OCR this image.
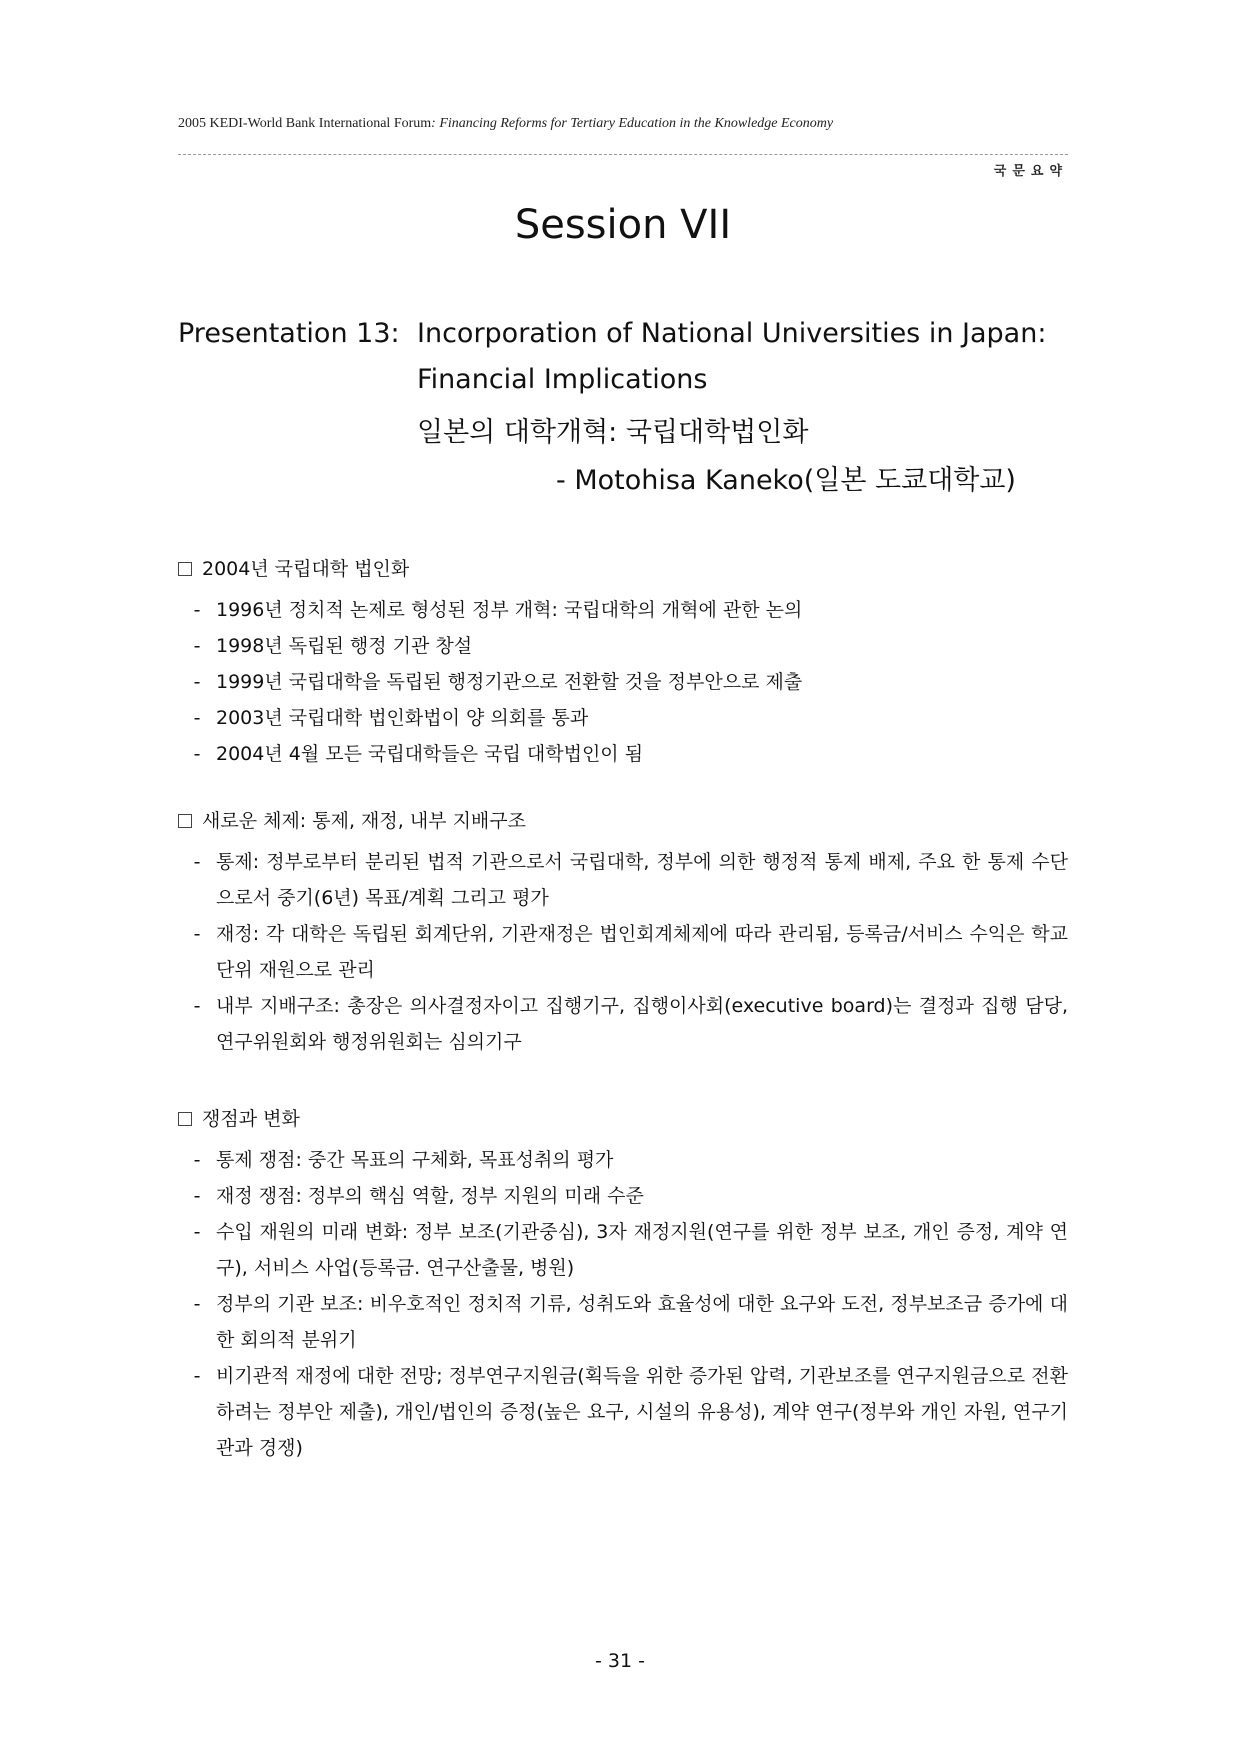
2005 KEDI-World Bank International Forum: Financing Reforms for Tertiary Education in the Knowledge Economy
국문요약
Session VII
Presentation 13: Incorporation of National Universities in Japan:
Financial Implications
일본의 대학개혁: 국립대학법인화
- Motohisa Kaneko(일본 도쿄대학교)
2004년 국립대학 법인화
- 1996년 정치적 논제로 형성된 정부 개혁: 국립대학의 개혁에 관한 논의
- 1998년 독립된 행정 기관 창설
- 1999년 국립대학을 독립된 행정기관으로 전환할 것을 정부안으로 제출
- 2003년 국립대학 법인화법이 양 의회를 통과
- 2004년 4월 모든 국립대학들은 국립 대학법인이 됨
새로운 체제: 통제, 재정, 내부 지배구조
- 통제: 정부로부터 분리된 법적 기관으로서 국립대학, 정부에 의한 행정적 통제 배제, 주요 한 통제 수단으로서 중기(6년) 목표/계획 그리고 평가
- 재정: 각 대학은 독립된 회계단위, 기관재정은 법인회계체제에 따라 관리됨, 등록금/서비스 수익은 학교단위 재원으로 관리
- 내부 지배구조: 총장은 의사결정자이고 집행기구, 집행이사회(executive board)는 결정과 집행 담당, 연구위원회와 행정위원회는 심의기구
쟁점과 변화
- 통제 쟁점: 중간 목표의 구체화, 목표성취의 평가
- 재정 쟁점: 정부의 핵심 역할, 정부 지원의 미래 수준
- 수입 재원의 미래 변화: 정부 보조(기관중심), 3자 재정지원(연구를 위한 정부 보조, 개인 증정, 계약 연구), 서비스 사업(등록금. 연구산출물, 병원)
- 정부의 기관 보조: 비우호적인 정치적 기류, 성취도와 효율성에 대한 요구와 도전, 정부보조금 증가에 대한 회의적 분위기
- 비기관적 재정에 대한 전망; 정부연구지원금(획득을 위한 증가된 압력, 기관보조를 연구지원금으로 전환하려는 정부안 제출), 개인/법인의 증정(높은 요구, 시설의 유용성), 계약 연구(정부와 개인 자원, 연구기관과 경쟁)
- 31 -
